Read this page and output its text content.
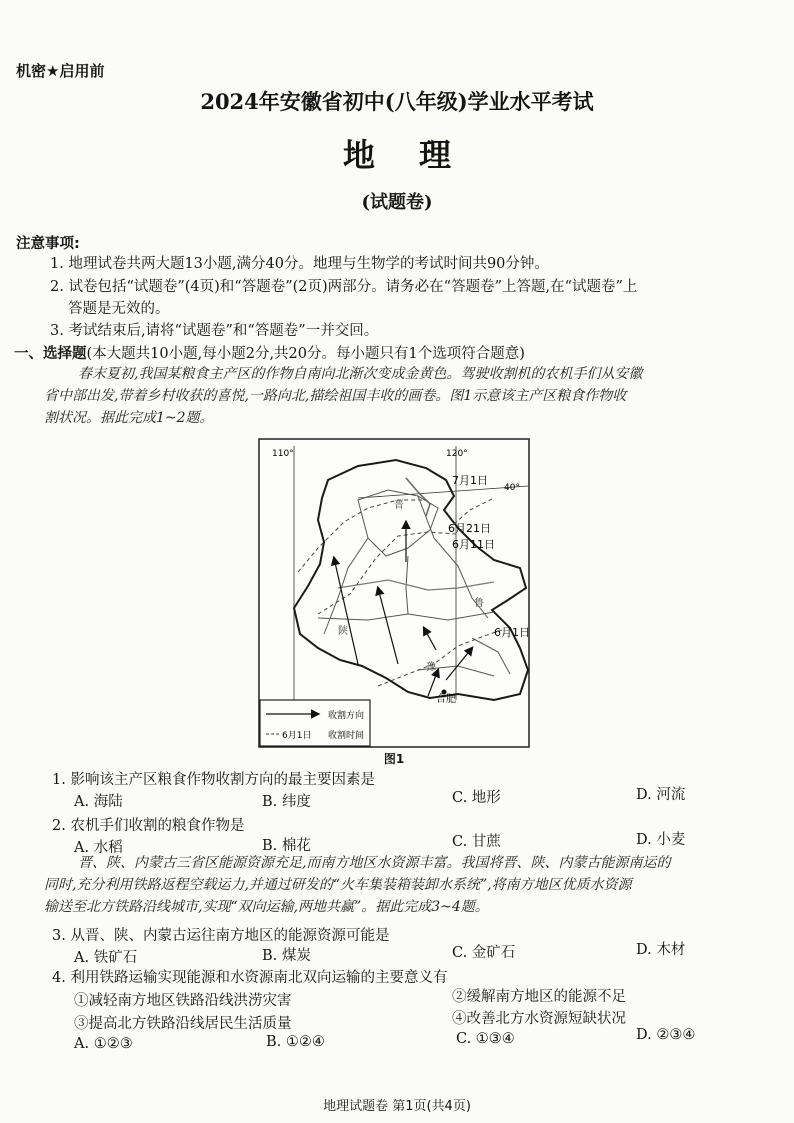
机密★启用前
2024年安徽省初中(八年级)学业水平考试
地理
(试题卷)
注意事项:
1. 地理试卷共两大题13小题,满分40分。地理与生物学的考试时间共90分钟。
2. 试卷包括“试题卷”(4页)和“答题卷”(2页)两部分。请务必在“答题卷”上答题,在“试题卷”上
答题是无效的。
3. 考试结束后,请将“试题卷”和“答题卷”一并交回。
一、选择题(本大题共10小题,每小题2分,共20分。每小题只有1个选项符合题意)
春末夏初,我国某粮食主产区的作物自南向北渐次变成金黄色。驾驶收割机的农机手们从安徽
省中部出发,带着乡村收获的喜悦,一路向北,描绘祖国丰收的画卷。图1示意该主产区粮食作物收
割状况。据此完成1~2题。
110°	120°
40°
7月1日
6月21日
6月11日
6月1日
合肥
陕
晋
豫
鲁
收割方向
6月1日 收割时间
图1
1. 影响该主产区粮食作物收割方向的最主要因素是
A. 海陆	B. 纬度	C. 地形	D. 河流
2. 农机手们收割的粮食作物是
A. 水稻	B. 棉花	C. 甘蔗	D. 小麦
晋、陕、内蒙古三省区能源资源充足,而南方地区水资源丰富。我国将晋、陕、内蒙古能源南运的
同时,充分利用铁路返程空载运力,并通过研发的“火车集装箱装卸水系统”,将南方地区优质水资源
输送至北方铁路沿线城市,实现“双向运输,两地共赢”。据此完成3~4题。
3. 从晋、陕、内蒙古运往南方地区的能源资源可能是
A. 铁矿石	B. 煤炭	C. 金矿石	D. 木材
4. 利用铁路运输实现能源和水资源南北双向运输的主要意义有
①减轻南方地区铁路沿线洪涝灾害	②缓解南方地区的能源不足
③提高北方铁路沿线居民生活质量	④改善北方水资源短缺状况
A. ①②③	B. ①②④	C. ①③④	D. ②③④
地理试题卷 第1页(共4页)
